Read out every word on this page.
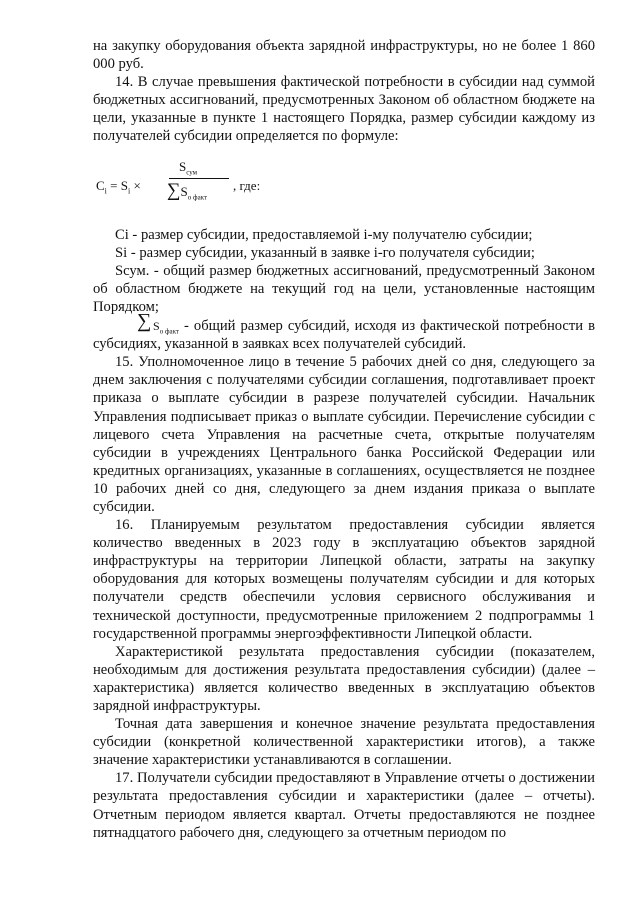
на закупку оборудования объекта зарядной инфраструктуры, но не более 1 860 000 руб.

14. В случае превышения фактической потребности в субсидии над суммой бюджетных ассигнований, предусмотренных Законом об областном бюджете на цели, указанные в пункте 1 настоящего Порядка, размер субсидии каждому из получателей субсидии определяется по формуле:

$C_i = S_i$ ×
$S_{сум}$
$\sum S_{о факт}$
, где:

Ci - размер субсидии, предоставляемой i-му получателю субсидии;

Si - размер субсидии, указанный в заявке i-го получателя субсидии;

Sсум. - общий размер бюджетных ассигнований, предусмотренный Законом об областном бюджете на текущий год на цели, установленные настоящим Порядком;

∑ $S_{о факт}$ - общий размер субсидий, исходя из фактической потребности в субсидиях, указанной в заявках всех получателей субсидий.

15. Уполномоченное лицо в течение 5 рабочих дней со дня, следующего за днем заключения с получателями субсидии соглашения, подготавливает проект приказа о выплате субсидии в разрезе получателей субсидии. Начальник Управления подписывает приказ о выплате субсидии. Перечисление субсидии с лицевого счета Управления на расчетные счета, открытые получателям субсидии в учреждениях Центрального банка Российской Федерации или кредитных организациях, указанные в соглашениях, осуществляется не позднее 10 рабочих дней со дня, следующего за днем издания приказа о выплате субсидии.

16. Планируемым результатом предоставления субсидии является количество введенных в 2023 году в эксплуатацию объектов зарядной инфраструктуры на территории Липецкой области, затраты на закупку оборудования для которых возмещены получателям субсидии и для которых получатели средств обеспечили условия сервисного обслуживания и технической доступности, предусмотренные приложением 2 подпрограммы 1 государственной программы энергоэффективности Липецкой области.

Характеристикой результата предоставления субсидии (показателем, необходимым для достижения результата предоставления субсидии) (далее – характеристика) является количество введенных в эксплуатацию объектов зарядной инфраструктуры.

Точная дата завершения и конечное значение результата предоставления субсидии (конкретной количественной характеристики итогов), а также значение характеристики устанавливаются в соглашении.

17. Получатели субсидии предоставляют в Управление отчеты о достижении результата предоставления субсидии и характеристики (далее – отчеты). Отчетным периодом является квартал. Отчеты предоставляются не позднее пятнадцатого рабочего дня, следующего за отчетным периодом по
